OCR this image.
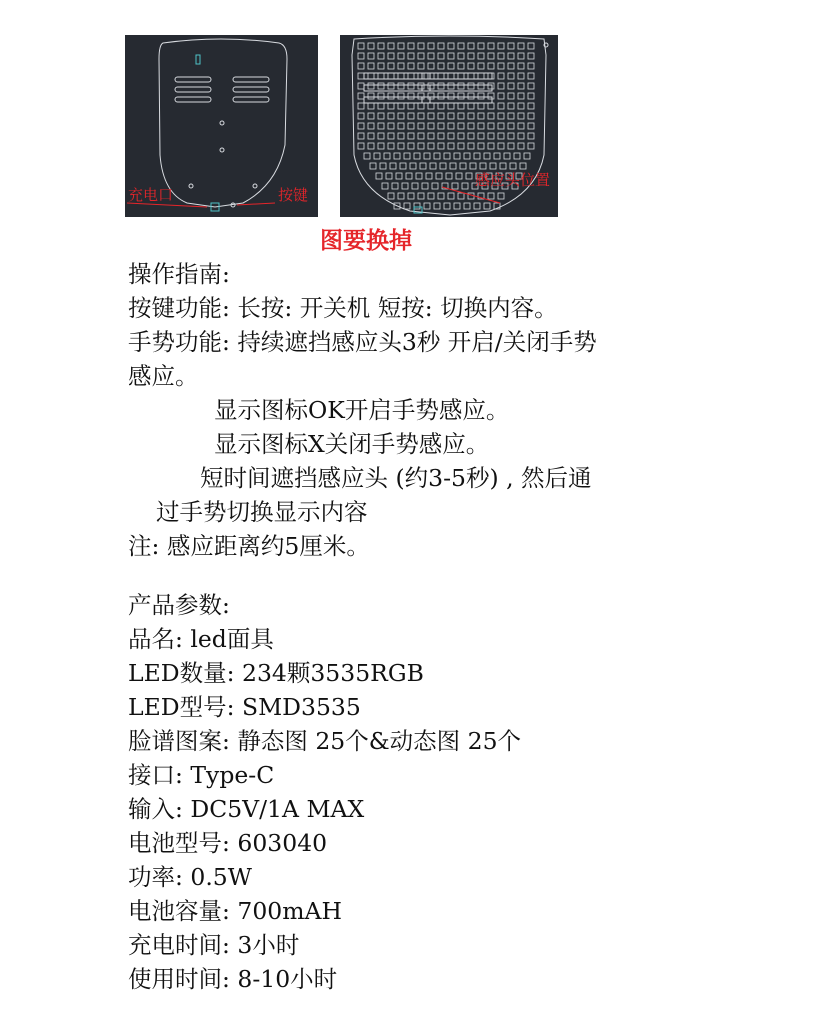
充电口	按键
感应头位置
图要换掉
操作指南:
按键功能: 长按: 开关机 短按: 切换内容。
手势功能: 持续遮挡感应头3秒 开启/关闭手势
感应。
显示图标OK开启手势感应。
显示图标X关闭手势感应。
短时间遮挡感应头 (约3-5秒) , 然后通
过手势切换显示内容
注: 感应距离约5厘米。
产品参数:
品名: led面具
LED数量: 234颗3535RGB
LED型号: SMD3535
脸谱图案: 静态图 25个&动态图 25个
接口: Type-C
输入: DC5V/1A MAX
电池型号: 603040
功率: 0.5W
电池容量: 700mAH
充电时间: 3小时
使用时间: 8-10小时
